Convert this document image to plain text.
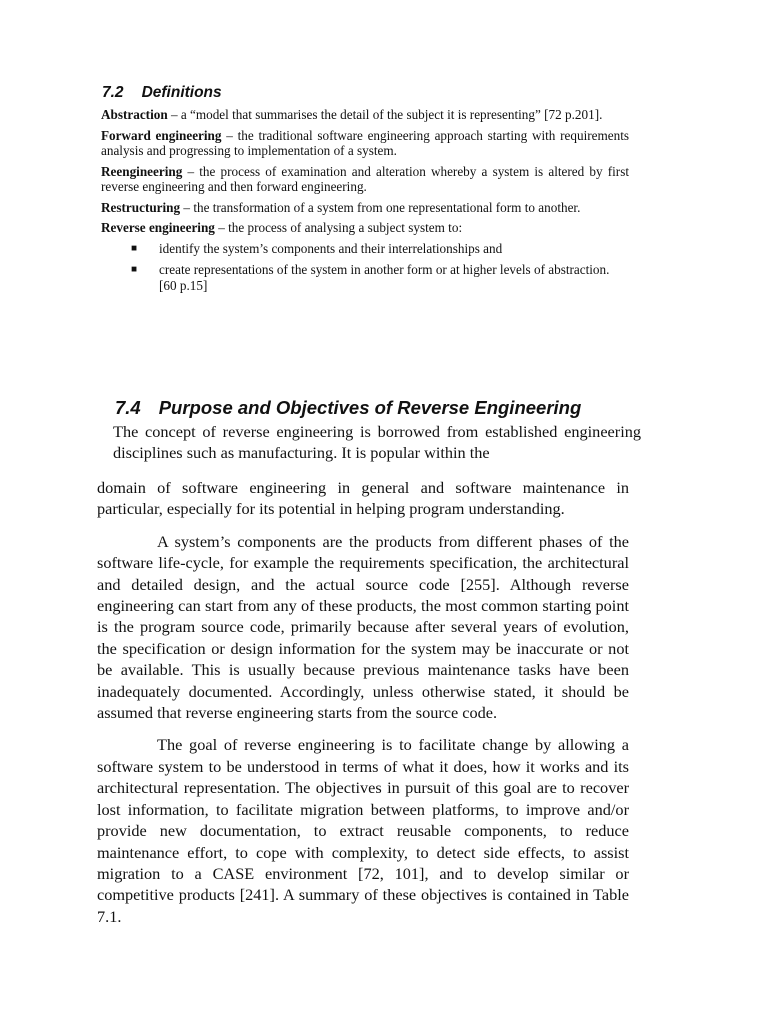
7.2 Definitions

Abstraction – a “model that summarises the detail of the subject it is representing” [72 p.201].

Forward engineering – the traditional software engineering approach starting with requirements analysis and progressing to implementation of a system.

Reengineering – the process of examination and alteration whereby a system is altered by first reverse engineering and then forward engineering.

Restructuring – the transformation of a system from one representational form to another.

Reverse engineering – the process of analysing a subject system to:

■ identify the system’s components and their interrelationships and
■ create representations of the system in another form or at higher levels of abstraction. [60 p.15]
7.4 Purpose and Objectives of Reverse Engineering

The concept of reverse engineering is borrowed from established engineering disciplines such as manufacturing. It is popular within the

domain of software engineering in general and software maintenance in particular, especially for its potential in helping program understanding.

A system’s components are the products from different phases of the software life-cycle, for example the requirements specification, the architectural and detailed design, and the actual source code [255]. Although reverse engineering can start from any of these products, the most common starting point is the program source code, primarily because after several years of evolution, the specification or design information for the system may be inaccurate or not be available. This is usually because previous maintenance tasks have been inadequately documented. Accordingly, unless otherwise stated, it should be assumed that reverse engineering starts from the source code.

The goal of reverse engineering is to facilitate change by allowing a software system to be understood in terms of what it does, how it works and its architectural representation. The objectives in pursuit of this goal are to recover lost information, to facilitate migration between platforms, to improve and/or provide new documentation, to extract reusable components, to reduce maintenance effort, to cope with complexity, to detect side effects, to assist migration to a CASE environment [72, 101], and to develop similar or competitive products [241]. A summary of these objectives is contained in Table 7.1.
